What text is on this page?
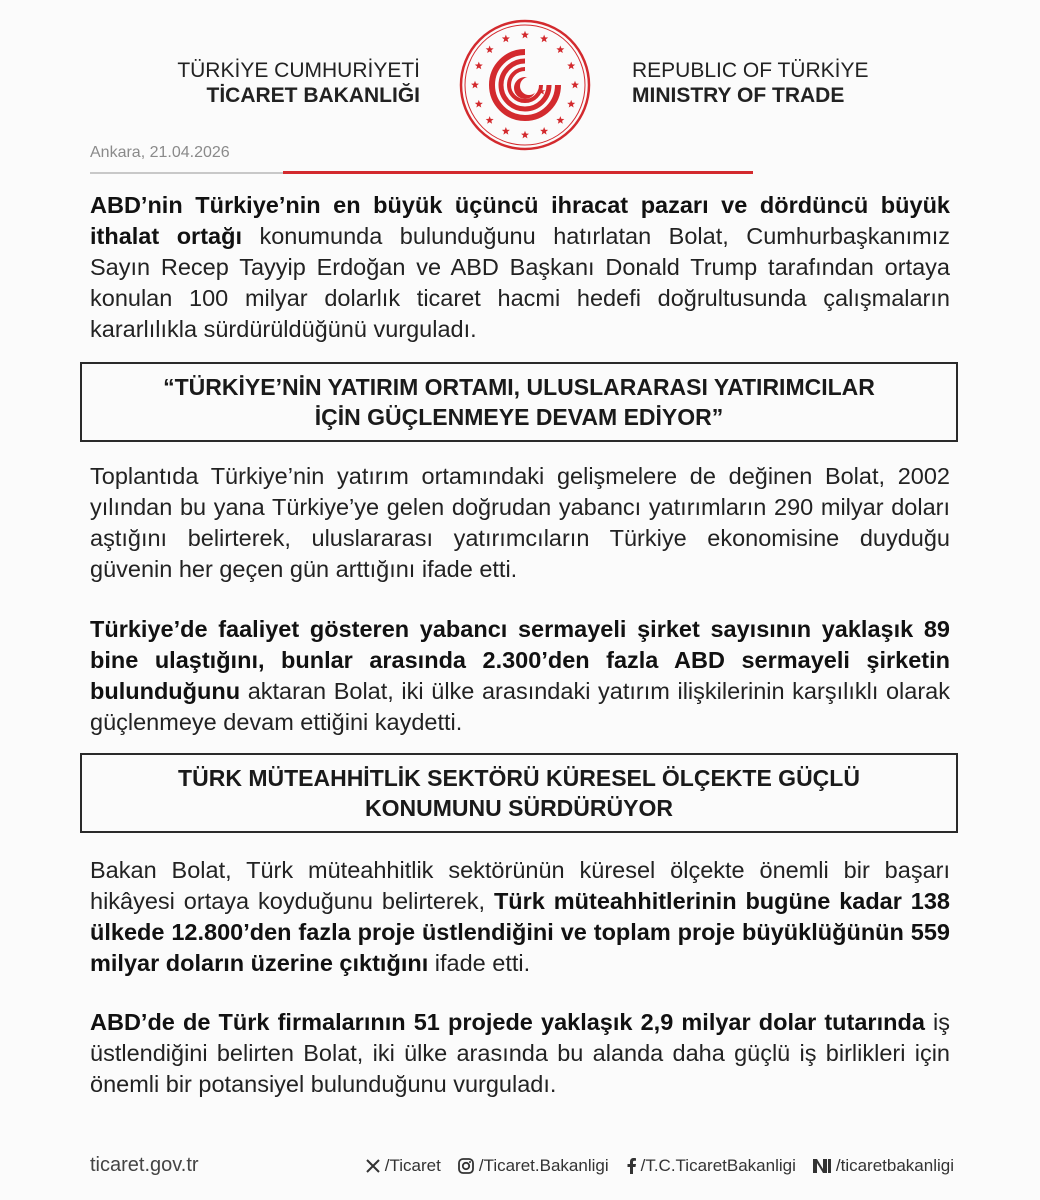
TÜRKİYE CUMHURİYETİ
TİCARET BAKANLIĞI
REPUBLIC OF TÜRKİYE
MINISTRY OF TRADE
Ankara, 21.04.2026

ABD’nin Türkiye’nin en büyük üçüncü ihracat pazarı ve dördüncü büyük ithalat ortağı konumunda bulunduğunu hatırlatan Bolat, Cumhurbaşkanımız Sayın Recep Tayyip Erdoğan ve ABD Başkanı Donald Trump tarafından ortaya konulan 100 milyar dolarlık ticaret hacmi hedefi doğrultusunda çalışmaların kararlılıkla sürdürüldüğünü vurguladı.

“TÜRKİYE’NİN YATIRIM ORTAMI, ULUSLARARASI YATIRIMCILAR
İÇİN GÜÇLENMEYE DEVAM EDİYOR”

Toplantıda Türkiye’nin yatırım ortamındaki gelişmelere de değinen Bolat, 2002 yılından bu yana Türkiye’ye gelen doğrudan yabancı yatırımların 290 milyar doları aştığını belirterek, uluslararası yatırımcıların Türkiye ekonomisine duyduğu güvenin her geçen gün arttığını ifade etti.

Türkiye’de faaliyet gösteren yabancı sermayeli şirket sayısının yaklaşık 89 bine ulaştığını, bunlar arasında 2.300’den fazla ABD sermayeli şirketin bulunduğunu aktaran Bolat, iki ülke arasındaki yatırım ilişkilerinin karşılıklı olarak güçlenmeye devam ettiğini kaydetti.

TÜRK MÜTEAHHİTLİK SEKTÖRÜ KÜRESEL ÖLÇEKTE GÜÇLÜ
KONUMUNU SÜRDÜRÜYOR

Bakan Bolat, Türk müteahhitlik sektörünün küresel ölçekte önemli bir başarı hikâyesi ortaya koyduğunu belirterek, Türk müteahhitlerinin bugüne kadar 138 ülkede 12.800’den fazla proje üstlendiğini ve toplam proje büyüklüğünün 559 milyar doların üzerine çıktığını ifade etti.

ABD’de de Türk firmalarının 51 projede yaklaşık 2,9 milyar dolar tutarında iş üstlendiğini belirten Bolat, iki ülke arasında bu alanda daha güçlü iş birlikleri için önemli bir potansiyel bulunduğunu vurguladı.

ticaret.gov.tr	/Ticaret /Ticaret.Bakanligi /T.C.TicaretBakanligi /ticaretbakanligi
